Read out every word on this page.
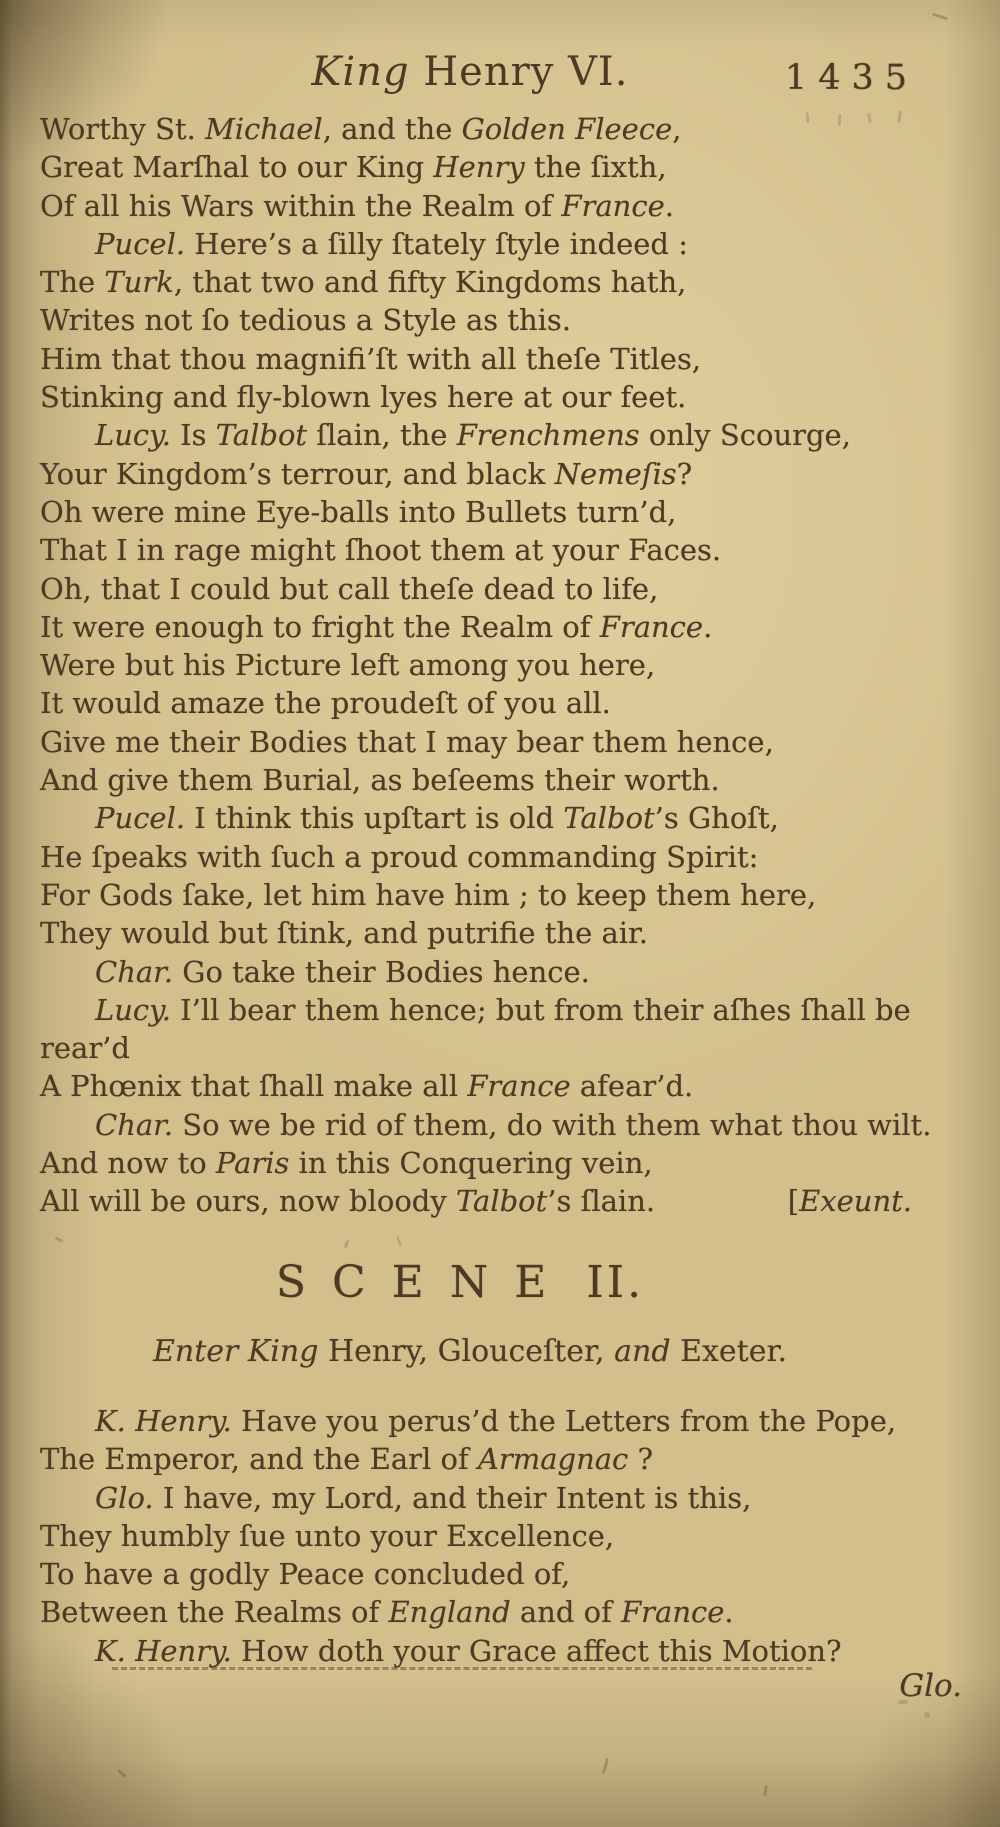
King Henry VI.	1435
Worthy St. Michael, and the Golden Fleece,
Great Marſhal to our King Henry the ſixth,
Of all his Wars within the Realm of France.
Pucel. Here’s a ſilly ſtately ſtyle indeed :
The Turk, that two and fifty Kingdoms hath,
Writes not ſo tedious a Style as this.
Him that thou magnifi’ſt with all theſe Titles,
Stinking and fly-blown lyes here at our feet.
Lucy. Is Talbot ſlain, the Frenchmens only Scourge,
Your Kingdom’s terrour, and black Nemeſis?
Oh were mine Eye-balls into Bullets turn’d,
That I in rage might ſhoot them at your Faces.
Oh, that I could but call theſe dead to life,
It were enough to fright the Realm of France.
Were but his Picture left among you here,
It would amaze the proudeſt of you all.
Give me their Bodies that I may bear them hence,
And give them Burial, as beſeems their worth.
Pucel. I think this upſtart is old Talbot’s Ghoſt,
He ſpeaks with ſuch a proud commanding Spirit:
For Gods ſake, let him have him ; to keep them here,
They would but ſtink, and putrifie the air.
Char. Go take their Bodies hence.
Lucy. I’ll bear them hence; but from their aſhes ſhall be
rear’d
A Phœnix that ſhall make all France afear’d.
Char. So we be rid of them, do with them what thou wilt.
And now to Paris in this Conquering vein,
All will be ours, now bloody Talbot’s ſlain.	[Exeunt.
SCENE II.
Enter King Henry, Glouceſter, and Exeter.
K. Henry. Have you perus’d the Letters from the Pope,
The Emperor, and the Earl of Armagnac ?
Glo. I have, my Lord, and their Intent is this,
They humbly ſue unto your Excellence,
To have a godly Peace concluded of,
Between the Realms of England and of France.
K. Henry. How doth your Grace affect this Motion?
Glo.
